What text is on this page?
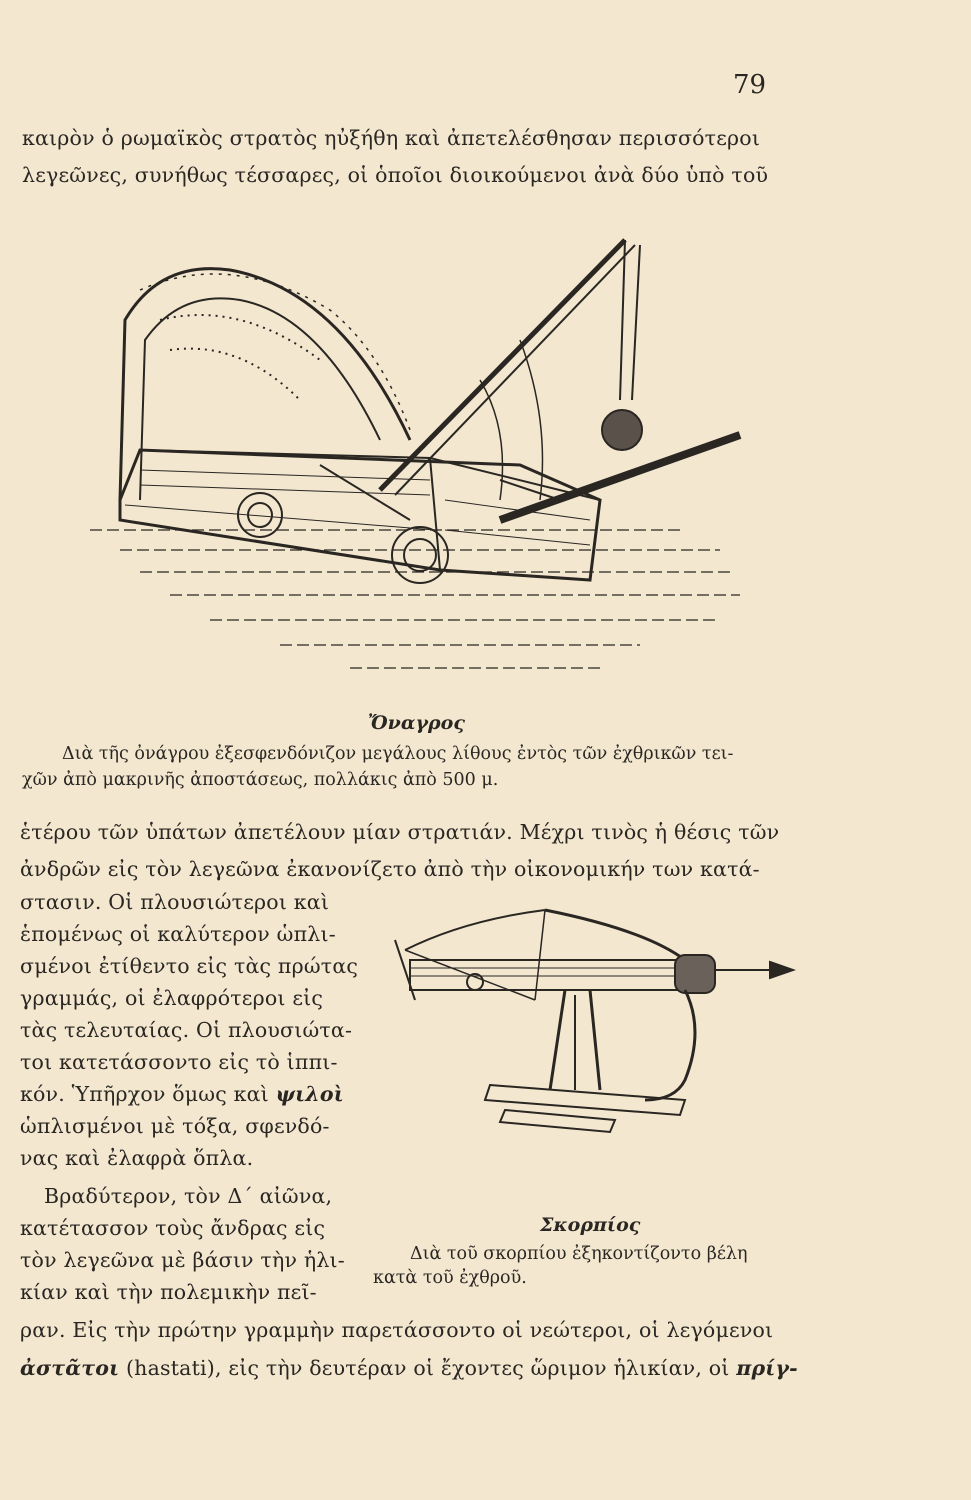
79
καιρὸν ὁ ρωμαϊκὸς στρατὸς ηὐξήθη καὶ ἀπετελέσθησαν περισσότεροι
λεγεῶνες, συνήθως τέσσαρες, οἱ ὁποῖοι διοικούμενοι ἀνὰ δύο ὑπὸ τοῦ
Ὄναγρος
Διὰ τῆς ὀνάγρου ἐξεσφενδόνιζον μεγάλους λίθους ἐντὸς τῶν ἐχθρικῶν τει-
χῶν ἀπὸ μακρινῆς ἀποστάσεως, πολλάκις ἀπὸ 500 μ.
ἑτέρου τῶν ὑπάτων ἀπετέλουν μίαν στρατιάν. Μέχρι τινὸς ἡ θέσις τῶν
ἀνδρῶν εἰς τὸν λεγεῶνα ἐκανονίζετο ἀπὸ τὴν οἰκονομικήν των κατά-
στασιν. Οἱ πλουσιώτεροι καὶ
ἑπομένως οἱ καλύτερον ὡπλι-
σμένοι ἐτίθεντο εἰς τὰς πρώτας
γραμμάς, οἱ ἐλαφρότεροι εἰς
τὰς τελευταίας. Οἱ πλουσιώτα-
τοι κατετάσσοντο εἰς τὸ ἱππι-
κόν. Ὑπῆρχον ὅμως καὶ ψιλοὶ
ὡπλισμένοι μὲ τόξα, σφενδό-
νας καὶ ἐλαφρὰ ὅπλα.
Βραδύτερον, τὸν Δ΄ αἰῶνα,
κατέτασσον τοὺς ἄνδρας εἰς
τὸν λεγεῶνα μὲ βάσιν τὴν ἡλι-
κίαν καὶ τὴν πολεμικὴν πεῖ-
Σκορπίος
Διὰ τοῦ σκορπίου ἐξηκοντίζοντο βέλη
κατὰ τοῦ ἐχθροῦ.
ραν. Εἰς τὴν πρώτην γραμμὴν παρετάσσοντο οἱ νεώτεροι, οἱ λεγόμενοι
ἀστᾶτοι (hastati), εἰς τὴν δευτέραν οἱ ἔχοντες ὥριμον ἡλικίαν, οἱ πρίγ-
